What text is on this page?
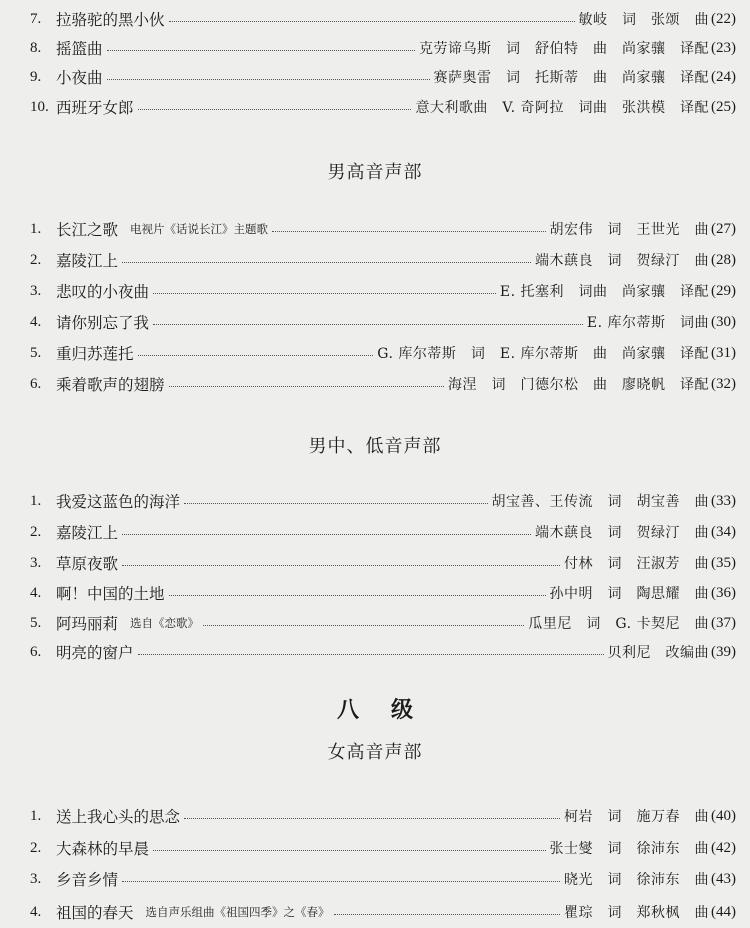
7. 拉骆驼的黑小伙	敏岐　词　张颂　曲 (22)
8. 摇篮曲	克劳谛乌斯　词　舒伯特　曲　尚家骧　译配 (23)
9. 小夜曲	赛萨奥雷　词　托斯蒂　曲　尚家骧　译配 (24)
10. 西班牙女郎	意大利歌曲　V. 奇阿拉　词曲　张洪模　译配 (25)
男高音声部
1. 长江之歌 电视片《话说长江》主题歌	胡宏伟　词　王世光　曲 (27)
2. 嘉陵江上	端木蕻良　词　贺绿汀　曲 (28)
3. 悲叹的小夜曲	E. 托塞利　词曲　尚家骧　译配 (29)
4. 请你别忘了我	E. 库尔蒂斯　词曲 (30)
5. 重归苏莲托	G. 库尔蒂斯　词　E. 库尔蒂斯　曲　尚家骧　译配 (31)
6. 乘着歌声的翅膀	海涅　词　门德尔松　曲　廖晓帆　译配 (32)
男中、低音声部
1. 我爱这蓝色的海洋	胡宝善、王传流　词　胡宝善　曲 (33)
2. 嘉陵江上	端木蕻良　词　贺绿汀　曲 (34)
3. 草原夜歌	付林　词　汪淑芳　曲 (35)
4. 啊！中国的土地	孙中明　词　陶思耀　曲 (36)
5. 阿玛丽莉 选自《恋歌》	瓜里尼　词　G. 卡契尼　曲 (37)
6. 明亮的窗户	贝利尼　改编曲 (39)
八级
女高音声部
1. 送上我心头的思念	柯岩　词　施万春　曲 (40)
2. 大森林的早晨	张士燮　词　徐沛东　曲 (42)
3. 乡音乡情	晓光　词　徐沛东　曲 (43)
4. 祖国的春天 选自声乐组曲《祖国四季》之《春》	瞿琮　词　郑秋枫　曲 (44)
